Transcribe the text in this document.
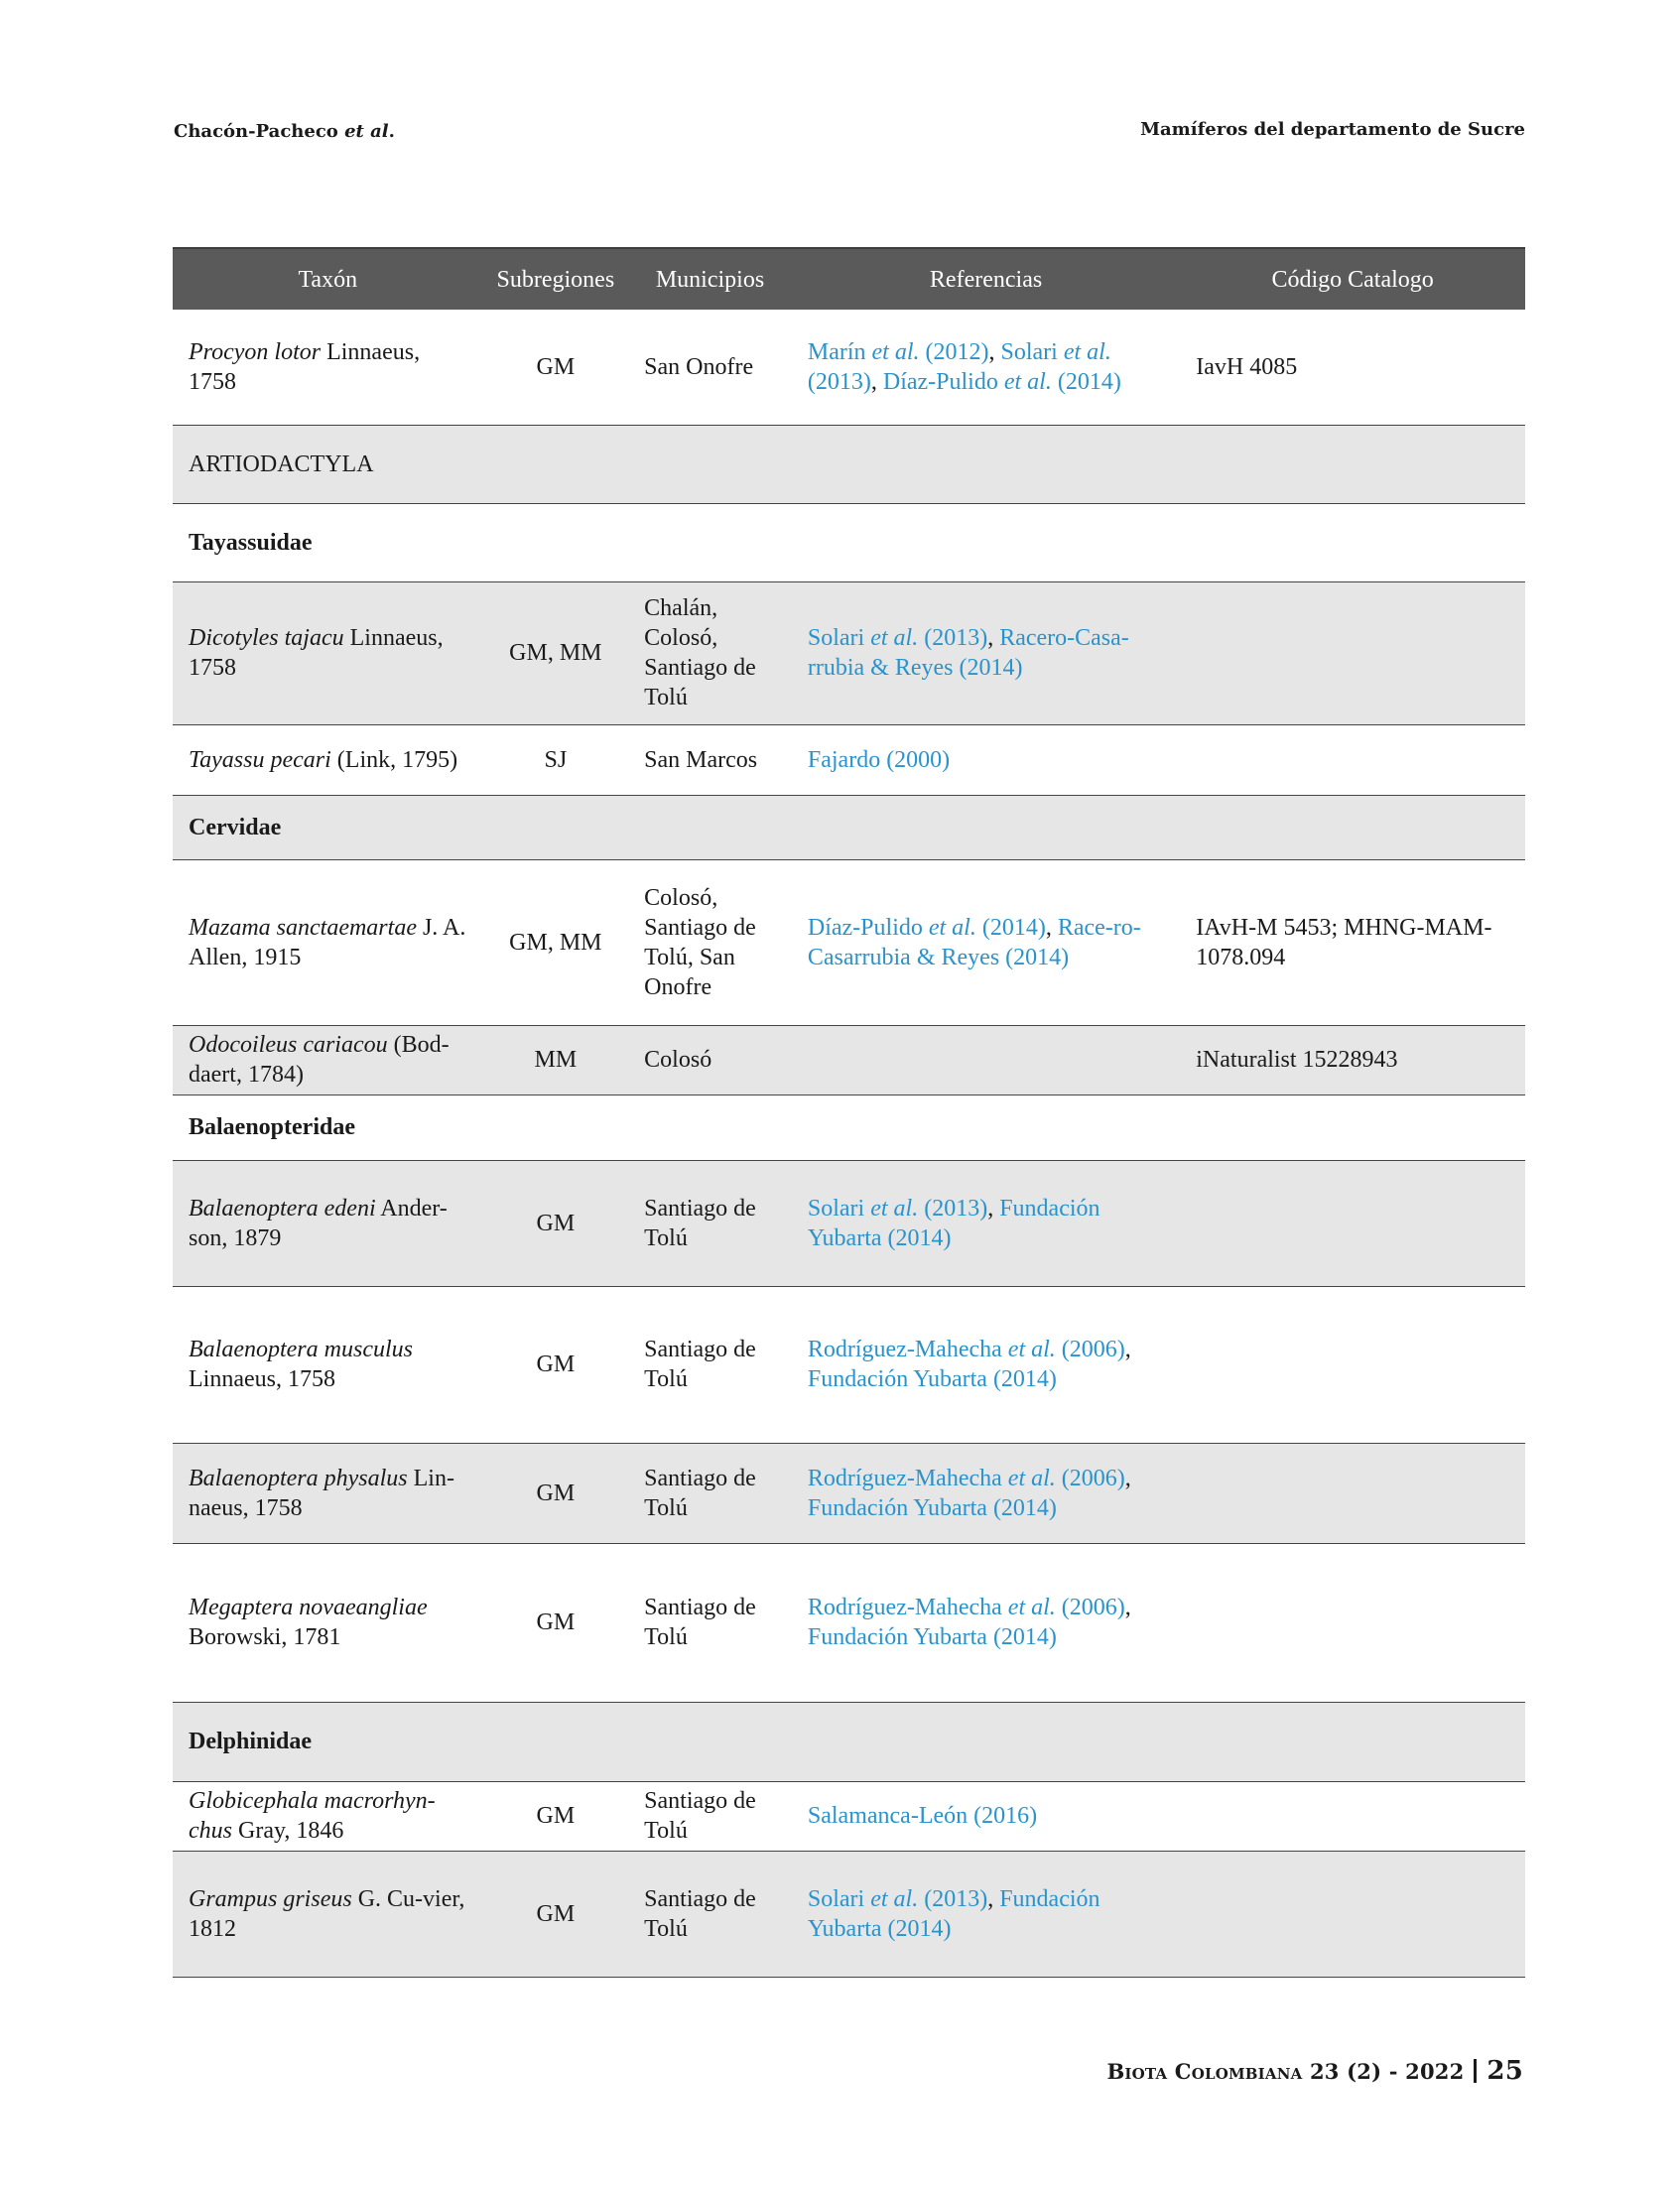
Chacón-Pacheco et al.	Mamíferos del departamento de Sucre
Taxón	Subregiones	Municipios	Referencias	Código Catalogo
Procyon lotor Linnaeus, 1758	GM	San Onofre	Marín et al. (2012), Solari et al. (2013), Díaz-Pulido et al. (2014)	IavH 4085
ARTIODACTYLA				
Tayassuidae				
Dicotyles tajacu Linnaeus, 1758	GM, MM	Chalán, Colosó, Santiago de Tolú	Solari et al. (2013), Racero-Casa-rrubia & Reyes (2014)	
Tayassu pecari (Link, 1795)	SJ	San Marcos	Fajardo (2000)	
Cervidae				
Mazama sanctaemartae J. A. Allen, 1915	GM, MM	Colosó, Santiago de Tolú, San Onofre	Díaz-Pulido et al. (2014), Race-ro-Casarrubia & Reyes (2014)	IAvH-M 5453; MHNG-MAM-1078.094
Odocoileus cariacou (Bod-daert, 1784)	MM	Colosó		iNaturalist 15228943
Balaenopteridae				
Balaenoptera edeni Ander-son, 1879	GM	Santiago de Tolú	Solari et al. (2013), Fundación Yubarta (2014)	
Balaenoptera musculus Linnaeus, 1758	GM	Santiago de Tolú	Rodríguez-Mahecha et al. (2006), Fundación Yubarta (2014)	
Balaenoptera physalus Lin-naeus, 1758	GM	Santiago de Tolú	Rodríguez-Mahecha et al. (2006), Fundación Yubarta (2014)	
Megaptera novaeangliae Borowski, 1781	GM	Santiago de Tolú	Rodríguez-Mahecha et al. (2006), Fundación Yubarta (2014)	
Delphinidae				
Globicephala macrorhyn-chus Gray, 1846	GM	Santiago de Tolú	Salamanca-León (2016)	
Grampus griseus G. Cu-vier, 1812	GM	Santiago de Tolú	Solari et al. (2013), Fundación Yubarta (2014)	
Biota Colombiana 23 (2) - 2022 25
